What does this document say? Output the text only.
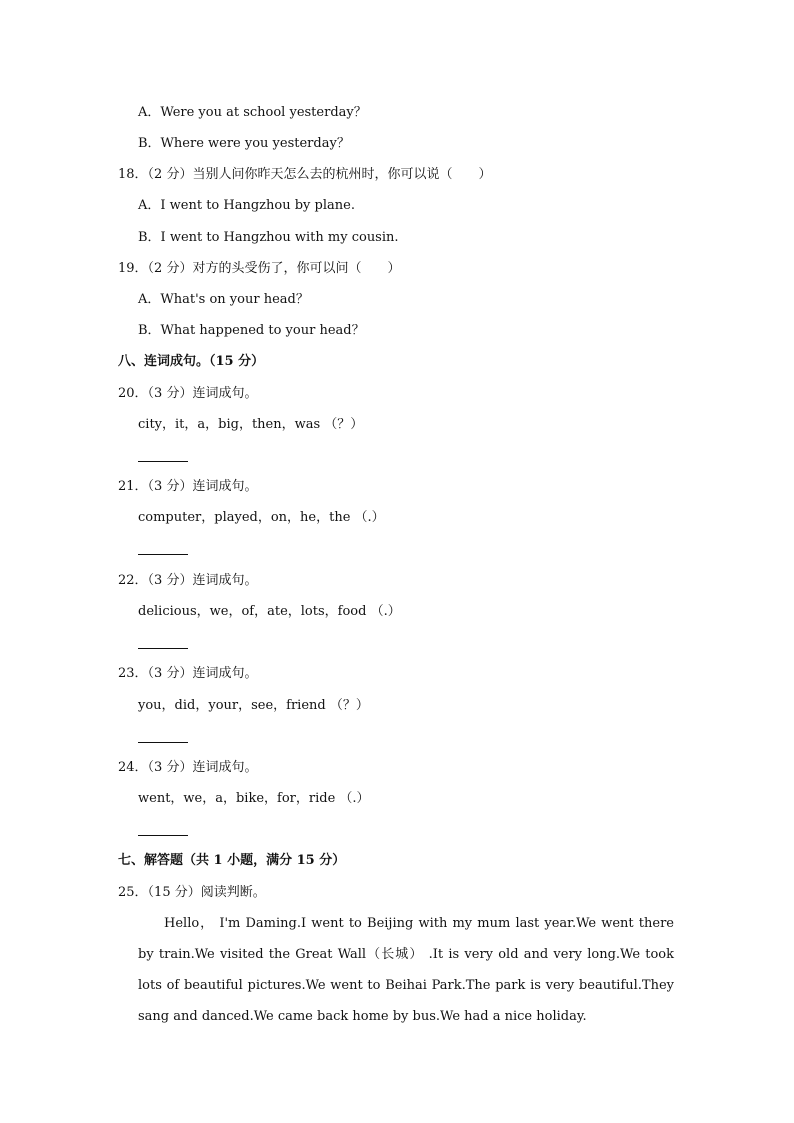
A．Were you at school yesterday？
B．Where were you yesterday？
18．（2 分）当别人问你昨天怎么去的杭州时，你可以说（　　）
A．I went to Hangzhou by plane.
B．I went to Hangzhou with my cousin.
19．（2 分）对方的头受伤了，你可以问（　　）
A．What's on your head？
B．What happened to your head？
八、连词成句。（15 分）
20．（3 分）连词成句。
city，it，a，big，then，was （？）
21．（3 分）连词成句。
computer，played，on，he，the （.）
22．（3 分）连词成句。
delicious，we，of，ate，lots，food （.）
23．（3 分）连词成句。
you，did，your，see，friend （？）
24．（3 分）连词成句。
went，we，a，bike，for，ride （.）
七、解答题（共 1 小题，满分 15 分）
25．（15 分）阅读判断。

Hello， I'm Daming.I went to Beijing with my mum last year.We went there by train.We visited the Great Wall（长城） .It is very old and very long.We took lots of beautiful pictures.We went to Beihai Park.The park is very beautiful.They sang and danced.We came back home by bus.We had a nice holiday.
